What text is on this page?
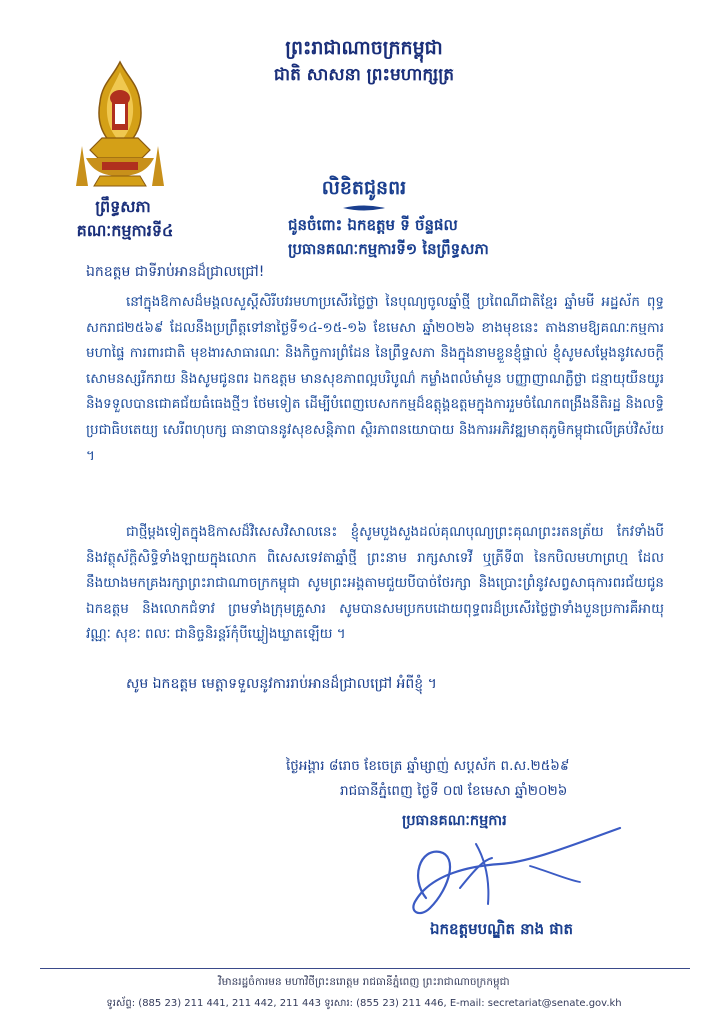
ព្រះរាជាណាចក្រកម្ពុជា
ជាតិ សាសនា ព្រះមហាក្សត្រ
ព្រឹទ្ធសភា
គណៈកម្មការទី៤
លិខិតជូនពរ
ជូនចំពោះ ឯកឧត្តម ទី ច័ន្ទផល
ប្រធានគណៈកម្មការទី១ នៃព្រឹទ្ធសភា
ឯកឧត្តម ជាទីរាប់អានដ៏ជ្រាលជ្រៅ!
នៅក្នុងឱកាសដ៏មង្គលសួស្តីសិរីបវរមហាប្រសើរថ្លៃថ្លា នៃបុណ្យចូលឆ្នាំថ្មី ប្រពៃណីជាតិខ្មែរ ឆ្នាំមមី អដ្ឋស័ក ពុទ្ធសករាជ២៥៦៩ ដែលនឹងប្រព្រឹត្តទៅនាថ្ងៃទី១៤-១៥-១៦ ខែមេសា ឆ្នាំ២០២៦ ខាងមុខនេះ តាងនាមឱ្យគណៈកម្មការមហាផ្ទៃ ការពារជាតិ មុខងារសាធារណៈ និងកិច្ចការព្រំដែន នៃព្រឹទ្ធសភា និងក្នុងនាមខ្លួនខ្ញុំផ្ទាល់ ខ្ញុំសូមសម្តែងនូវសេចក្តីសោមនស្សរីករាយ និងសូមជូនពរ ឯកឧត្តម មានសុខភាពល្អបរិបូណ៌ កម្លាំងពលំមាំមួន បញ្ញាញាណភ្លឺថ្លា ជន្មាយុយឺនយូរ និងទទួលបានជោគជ័យធំធេងថ្មីៗ ថែមទៀត ដើម្បីបំពេញបេសកកម្មដ៏ឧត្តុង្គឧត្តមក្នុងការរួមចំណែកពង្រឹងនីតិរដ្ឋ និងលទ្ធិប្រជាធិបតេយ្យ សេរីពហុបក្ស ធានាបាននូវសុខសន្តិភាព ស្ថិរភាពនយោបាយ និងការអភិវឌ្ឍមាតុភូមិកម្ពុជាលើគ្រប់វិស័យ ។
ជាថ្មីម្តងទៀតក្នុងឱកាសដ៏វិសេសវិសាលនេះ ខ្ញុំសូមបួងសួងដល់គុណបុណ្យព្រះគុណព្រះរតនត្រ័យ កែវទាំងបី និងវត្ថុស័ក្តិសិទ្ធិទាំងឡាយក្នុងលោក ពិសេសទេវតាឆ្នាំថ្មី ព្រះនាម រាក្សសាទេវី ឬត្រីទី៣ នៃកបិលមហាព្រហ្ម ដែលនឹងយាងមកគ្រងរក្សាព្រះរាជាណាចក្រកម្ពុជា សូមព្រះអង្គតាមជួយបីបាច់ថែរក្សា និងប្រោះព្រំនូវសព្វសាធុការពរជ័យជូន ឯកឧត្តម និងលោកជំទាវ ព្រមទាំងក្រុមគ្រួសារ សូមបានសមប្រកបដោយពុទ្ធពរដ៏ប្រសើរថ្លៃថ្លាទាំងបួនប្រការគឺអាយុ វណ្ណៈ សុខៈ ពលៈ ជានិច្ចនិរន្តរ៍កុំបីឃ្លៀងឃ្លាតឡើយ ។
សូម ឯកឧត្តម មេត្តាទទួលនូវការរាប់អានដ៏ជ្រាលជ្រៅ អំពីខ្ញុំ ។
ថ្ងៃអង្គារ ៨រោច ខែចេត្រ ឆ្នាំម្សាញ់ សប្តស័ក ព.ស.២៥៦៩
រាជធានីភ្នំពេញ ថ្ងៃទី ០៧ ខែមេសា ឆ្នាំ២០២៦
ប្រធានគណៈកម្មការ
ឯកឧត្តមបណ្ឌិត នាង ផាត
វិមានរដ្ឋចំការមន មហាវិថីព្រះនរោត្តម រាជធានីភ្នំពេញ ព្រះរាជាណាចក្រកម្ពុជា
ទូរស័ព្ទ: (885 23) 211 441, 211 442, 211 443 ទូរសារ: (855 23) 211 446, E-mail: secretariat@senate.gov.kh
